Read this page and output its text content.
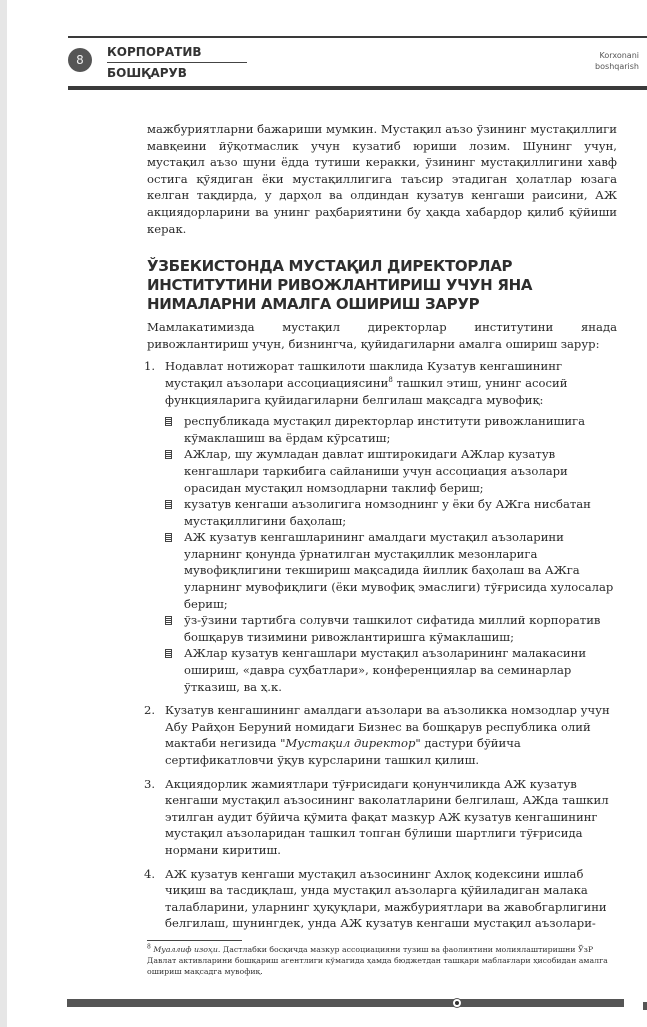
8
КОРПОРАТИВ
БОШҚАРУВ
Korxonani
boshqarish

мажбуриятларни бажариши мумкин. Мустақил аъзо ўзининг мустақиллиги мавқеини йўқотмаслик учун кузатиб юриши лозим. Шунинг учун, мустақил аъзо шуни ёдда тутиши керакки, ўзининг мустақиллигини хавф остига қўядиган ёки мустақиллигига таъсир этадиган ҳолатлар юзага келган тақдирда, у дарҳол ва олдиндан кузатув кенгаши раисини, АЖ акциядорларини ва унинг раҳбариятини бу ҳақда хабардор қилиб қўйиши керак.

ЎЗБЕКИСТОНДА МУСТАҚИЛ ДИРЕКТОРЛАР ИНСТИТУТИНИ РИВОЖЛАНТИРИШ УЧУН ЯНА НИМАЛАРНИ АМАЛГА ОШИРИШ ЗАРУР

Мамлакатимизда мустақил директорлар институтини янада ривожлантириш учун, бизнингча, қуйидагиларни амалга ошириш зарур:

1. Нодавлат нотижорат ташкилоти шаклида Кузатув кенгашининг мустақил аъзолари ассоциациясини$^8$ ташкил этиш, унинг асосий функцияларига қуйидагиларни белгилаш мақсадга мувофиқ:
республикада мустақил директорлар институти ривожланишига кўмаклашиш ва ёрдам кўрсатиш;
АЖлар, шу жумладан давлат иштирокидаги АЖлар кузатув кенгашлари таркибига сайланиши учун ассоциация аъзолари орасидан мустақил номзодларни таклиф бериш;
кузатув кенгаши аъзолигига номзоднинг у ёки бу АЖга нисбатан мустақиллигини баҳолаш;
АЖ кузатув кенгашларининг амалдаги мустақил аъзоларини уларнинг қонунда ўрнатилган мустақиллик мезонларига мувофиқлигини текшириш мақсадида йиллик баҳолаш ва АЖга уларнинг мувофиқлиги (ёки мувофиқ эмаслиги) тўғрисида хулосалар бериш;
ўз-ўзини тартибга солувчи ташкилот сифатида миллий корпоратив бошқарув тизимини ривожлантиришга кўмаклашиш;
АЖлар кузатув кенгашлари мустақил аъзоларининг малакасини ошириш, «давра суҳбатлари», конференциялар ва семинарлар ўтказиш, ва ҳ.к.
2. Кузатув кенгашининг амалдаги аъзолари ва аъзоликка номзодлар учун Абу Райҳон Беруний номидаги Бизнес ва бошқарув республика олий мактаби негизида "Мустақил директор" дастури бўйича сертификатловчи ўқув курсларини ташкил қилиш.
3. Акциядорлик жамиятлари тўғрисидаги қонунчиликда АЖ кузатув кенгаши мустақил аъзосининг ваколатларини белгилаш, АЖда ташкил этилган аудит бўйича қўмита фақат мазкур АЖ кузатув кенгашининг мустақил аъзоларидан ташкил топган бўлиши шартлиги тўғрисида нормани киритиш.
4. АЖ кузатув кенгаши мустақил аъзосининг Ахлоқ кодексини ишлаб чиқиш ва тасдиқлаш, унда мустақил аъзоларга қўйиладиган малака талабларини, уларнинг ҳуқуқлари, мажбуриятлари ва жавобгарлигини белгилаш, шунингдек, унда АЖ кузатув кенгаши мустақил аъзолари-
$^8$ Муаллиф изоҳи. Дастлабки босқичда мазкур ассоциацияни тузиш ва фаолиятини молиялаштиришни ЎзР Давлат активларини бошқариш агентлиги кўмагида ҳамда бюджетдан ташқари маблағлари ҳисобидан амалга ошириш мақсадга мувофиқ.
